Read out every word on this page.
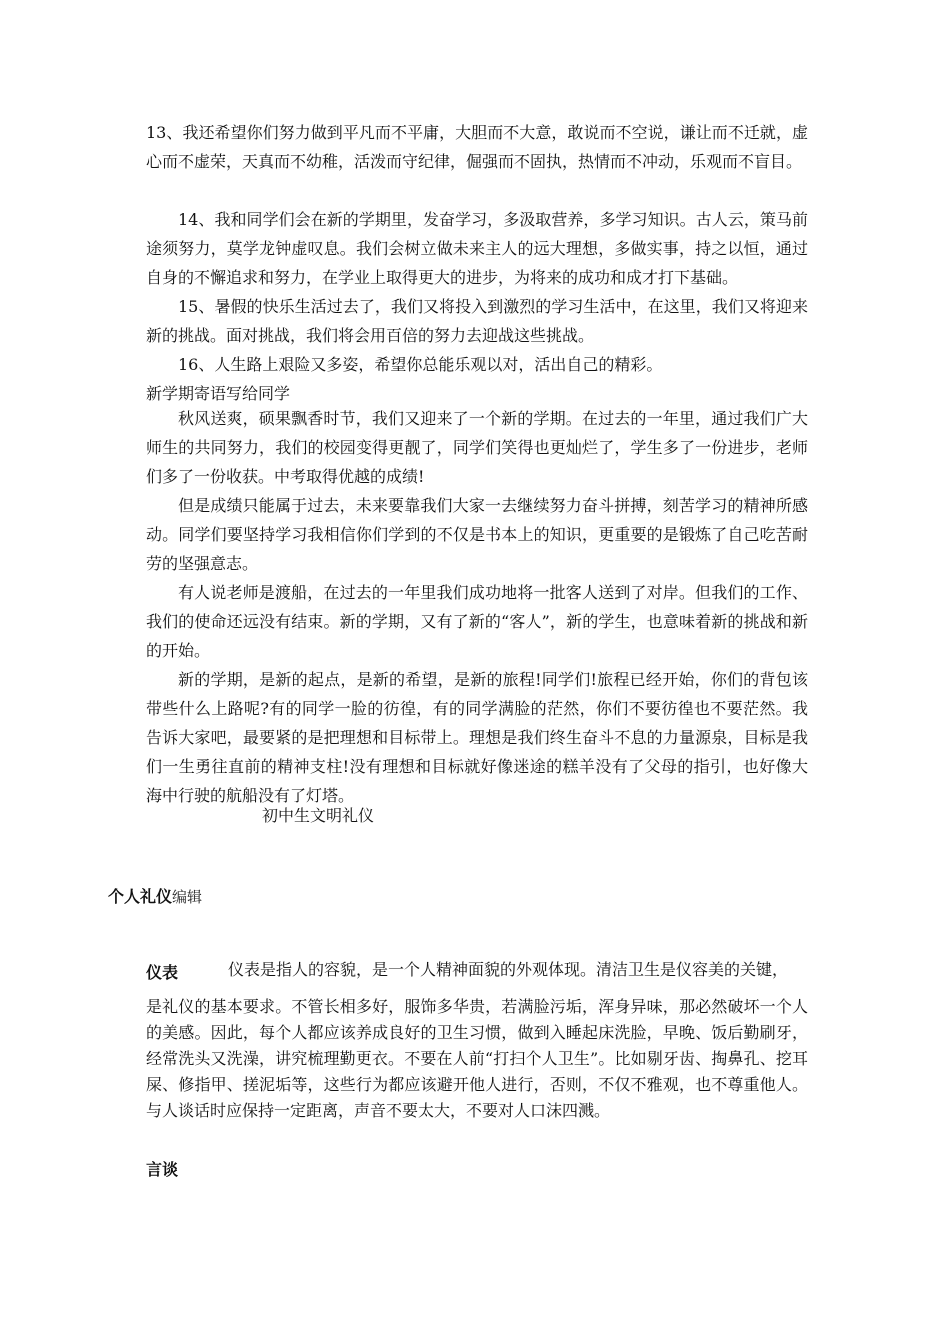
13、我还希望你们努力做到平凡而不平庸，大胆而不大意，敢说而不空说，谦让而不迁就，虚心而不虚荣，天真而不幼稚，活泼而守纪律，倔强而不固执，热情而不冲动，乐观而不盲目。

14、我和同学们会在新的学期里，发奋学习，多汲取营养，多学习知识。古人云，策马前途须努力，莫学龙钟虚叹息。我们会树立做未来主人的远大理想，多做实事，持之以恒，通过自身的不懈追求和努力，在学业上取得更大的进步，为将来的成功和成才打下基础。

15、暑假的快乐生活过去了，我们又将投入到激烈的学习生活中，在这里，我们又将迎来新的挑战。面对挑战，我们将会用百倍的努力去迎战这些挑战。

16、人生路上艰险又多姿，希望你总能乐观以对，活出自己的精彩。

新学期寄语写给同学

秋风送爽，硕果飘香时节，我们又迎来了一个新的学期。在过去的一年里，通过我们广大师生的共同努力，我们的校园变得更靓了，同学们笑得也更灿烂了，学生多了一份进步，老师们多了一份收获。中考取得优越的成绩!

但是成绩只能属于过去，未来要靠我们大家一去继续努力奋斗拼搏，刻苦学习的精神所感动。同学们要坚持学习我相信你们学到的不仅是书本上的知识，更重要的是锻炼了自己吃苦耐劳的坚强意志。

有人说老师是渡船，在过去的一年里我们成功地将一批客人送到了对岸。但我们的工作、我们的使命还远没有结束。新的学期，又有了新的“客人”，新的学生，也意味着新的挑战和新的开始。

新的学期，是新的起点，是新的希望，是新的旅程!同学们!旅程已经开始，你们的背包该带些什么上路呢?有的同学一脸的彷徨，有的同学满脸的茫然，你们不要彷徨也不要茫然。我告诉大家吧，最要紧的是把理想和目标带上。理想是我们终生奋斗不息的力量源泉，目标是我们一生勇往直前的精神支柱!没有理想和目标就好像迷途的糕羊没有了父母的指引，也好像大海中行驶的航船没有了灯塔。

初中生文明礼仪

个人礼仪编辑

仪表	仪表是指人的容貌，是一个人精神面貌的外观体现。清洁卫生是仪容美的关键，

是礼仪的基本要求。不管长相多好，服饰多华贵，若满脸污垢，浑身异味，那必然破坏一个人的美感。因此，每个人都应该养成良好的卫生习惯，做到入睡起床洗脸，早晚、饭后勤刷牙，经常洗头又洗澡，讲究梳理勤更衣。不要在人前“打扫个人卫生”。比如剔牙齿、掏鼻孔、挖耳屎、修指甲、搓泥垢等，这些行为都应该避开他人进行，否则，不仅不雅观，也不尊重他人。与人谈话时应保持一定距离，声音不要太大，不要对人口沫四溅。

言谈
